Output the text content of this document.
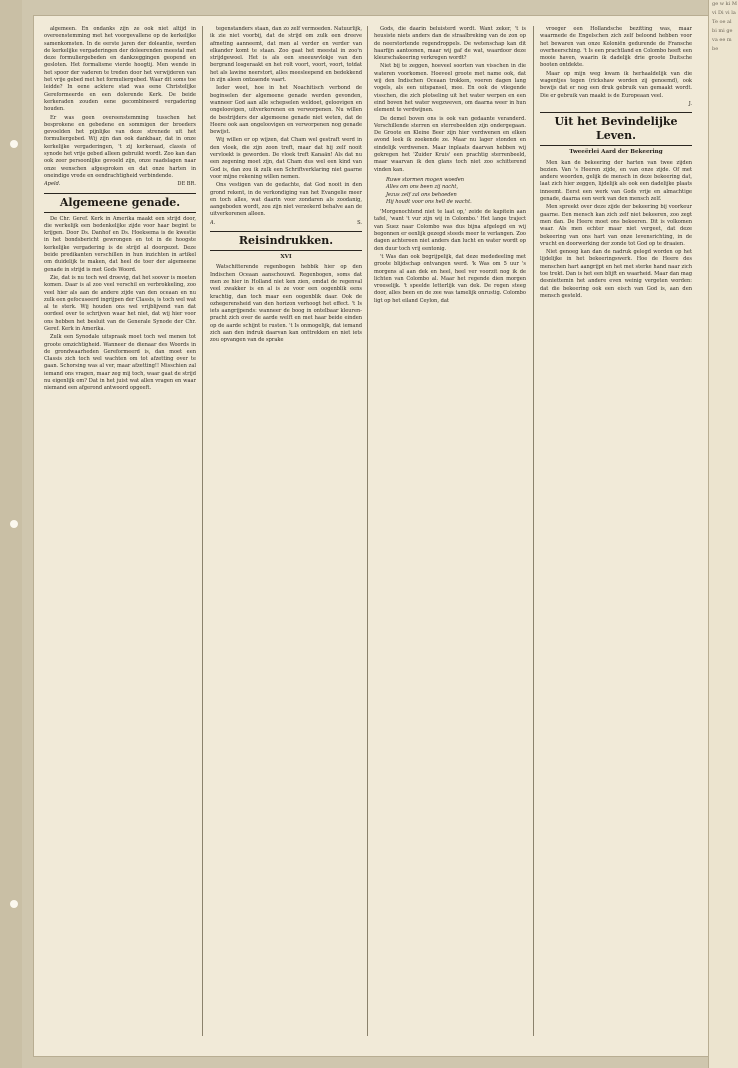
algemeen. En ondanks zijn ze ook niet altijd in overeenstemming met het voorgevallene op de kerkelijke samenkomsten. In de eerste jaren der doleantie, werden de kerkelijke vergaderingen der doleerenden meestal met deze formuliergebeden en dankzeggingen geopend en gesloten. Het formalisme vierde hoogtij. Men wende in het spoor der vaderen te treden door het verwijderen van het vrije gebed met het formuliergebed. Waar dit soms toe leidde? In eene acktere stad was eene Christelijke Gereformeerde en een dolerende Kerk. De beide kerkeraden zouden eene gecombineerd vergadering houden.

Er was geen overeenstemming tusschen het besprokene en gebedene en sommigen der broeders gevoelden het pijnlijke van deze strenede uit het formuliergebed. Wij zijn dan ook dankbaar, dat in onze kerkelijke vergaderingen, 't zij kerkeraad, classis of synode het vrije gebed alleen gebruikt wordt. Zoo kan dan ook zeer persoonlijke gevoeld zijn, onze raadslagen naar onze wenschen afgesproken en dat onze harten in oneindige vrede en eendrachtigheid verbindende.

Apeld.	DE BR.
Algemeene genade.

De Chr. Geref. Kerk in Amerika maakt een strijd door, die werkelijk een bedenkelijke zijde voor haar begint te krijgen. Door Ds. Danhof en Ds. Hoeksema is de kwestie in het bondsbericht gewrongen en tot in de hoogste kerkelijke vergadering is de strijd al doorgezet. Deze beide predikanten verschillen in hun inzichten in artikel om duidelijk te maken, dat heel de toer der algemeene genade in strijd is met Gods Woord.

Zie, dat is nu toch wel droevig, dat het soover is moeten komen. Daar is al zoo veel verschil en verbrokkeling, zoo veel hier als aan de andere zijde van den oceaan en nu zulk een gefocuseerd ingrijpen der Classis, is toch wel wat al te sterk. Wij houden ons wel vrijblijvend van dat oordeel over te schrijven waar het niet, dat wij hier voor ons hebben het besluit van de Generale Synode der Chr. Geref. Kerk in Amerika.

Zulk een Synodale uitspraak moet toch wel menen tot groote omzichtigheid. Wanneer de dienaar des Woords in de grondwaarheden Gereformeerd is, dan moet een Classis zich toch wel wachten om tot afzetting over te gaan. Schorsing was al ver, maar afzetting!! Misschien zal iemand ons vragen, maar zeg mij toch, waar gaat de strijd nu eigenlijk om? Dat in het juist wat allen vragen en waar niemand een afgerond antwoord opgeeft.

tegenstanders staan, dan zo zelf vermoeden. Natuurlijk, ik zie niet voorbij, dat de strijd om zulk een dreeve afmeting aanneemt, dat men al verder en verder van elkander komt te staan. Zoo gaat het meestal in zoo'n strijdgewoel. Het is als een sneeuwvlokje van den bergrand losgeraakt en het rolt voort, voort, voort, totdat het als lawine neerstort, alles meesleepend en bedekkend in zijn aleen ontzaende vaart.

Ieder weet, hoe in het Noachitisch verbond de beginselen der algemeene genade werden gevonden, wanneer God aan alle schepselen weldoet, geloovigen en ongeloovigen, uitverkorenen en verworpenen. Nu willen de bestrijders der algemeene genade niet weten, dat de Heere ook aan ongeloovigen en verworpenen nog genade bewijst.

Wij willen er op wijzen, dat Cham wel gestraft werd in den vloek, die zijn zoon treft, maar dat hij zelf nooit vervloekt is geworden. De vloek treft Kanaän! Als dat nu een zegening moet zijn, dat Cham dus wel een kind van God is, dan zou ik zulk een Schriftverklaring niet gaarne voor mijne rekening willen nemen.

Ons vestigen van de gedachte, dat God nooit in den grond rekent, in de verkondiging van het Evangelie meer en toch alles, wat daarin voor zondaren als zoodanig, aangeboden wordt, zou zijn niet verzekerd behalve aan de uitverkorenen alleen.

A.	S.
Reisindrukken.
XVI

Watschitterende regenbogen hebbik hier op den Indischen Oceaan aanschouwd. Regenbogen, soms dat men ze hier in Holland niet ken zien, omdat de regenval veel zwakker is en al is ze voor een oogenblik eens krachtig, dan toch maar een oogenblik daar. Ook de ozhegerensheid van den horizon verhoogt het effect. 't Is iets aangrijpends: wanneer de boog in ontelbaar kleuren-pracht zich over de aarde welft en met haar beide einden op de aarde schijnt te rusten. 't Is onmogelijk, dat iemand zich aan den indruk daarvan kan onttrekken en niet iets zou opvangen van de sprake

Gods, die daarin beluisterd wordt. Want zeker, 't is heusiste niets anders dan de straalbreking van de zon op de neerstortende regendroppels. De wetenschap kan dit haarfijn aantoonen, maar wij gaf de wat, waardoor deze kleurschakeering verkregen wordt?

Niet bij te zeggen, hoeveel soorten van visschen in die wateren voorkomen. Hoeveel groote met name ook, dat wij den Indischen Oceaan trokken, voeren dagen lang vogels, als een uitspansel, mee. En ook de vliegende visschen, die zich plotseling uit het water werpen en een eind boven het water wegzweven, om daarna weer in hun element te verdwijnen.

De demel boven ons is ook van gedaante veranderd. Verschillende sterren en sterrebeelden zijn ondergegaan. De Groote en Kleine Beer zijn hier verdwenen en elken avond leek ik zoekende ze. Maar nu lager stonden en eindelijk verdwenen. Maar inplaats daarvan hebben wij gekregen het 'Zuider Kruis' een prachtig sterrenbeeld, maar waarvan ik den glans toch niet zoo schitterend vinden kan.

Ruwe stormen mogen woeden
Alles om ons been zij nacht,
Jezus zelf zal ons behoeden
Hij houdt voor ons hell de wacht.

'Morgenochtend niet te laat op,' zeide de kapitein aan tafel, 'want 't vur zijn wij in Colombo.' Het lange traject van Suez naar Colombo was dus bijna afgelegd en wij begonnen er eenlijk gezegd steeds meer te verlangen. Zoo dagen achtereen niet anders dan lucht en water wordt op den duur toch vrij eentonig.

't Was dan ook begrijpelijk, dat deze mededeeling met groote blijdschap ontvangen werd. 'k Was om 5 uur 's morgens al aan dek en heel, heel ver voorzit nog ik de lichten van Colombo al. Maar het regende dien morgen vreeselijk. 't speelde letterlijk van dek. De regen steeg door, alles been en de zee was tamelijk onrustig. Colombo ligt op het eiland Ceylon, dat

vroeger een Hollandsche bezitting was, maar waarmede de Engelschen zich zelf beloond hebben voor het bewaren van onze Koloniën gedurende de Fransche overheersching. 't Is een prachtland en Colombo heeft een mooie haven, waarin ik dadelijk drie groote Duitsche booten ontdekte.

Maar op mijn weg kwam ik herhaaldelijk van die wagentjes tegen (rickshaw worden zij genoemd), ook bewijs dat er nog een druk gebruik van gemaakt wordt. Die er gebruik van maakt is de Europeaan veel.

J.
Uit het Bevindelijke Leven.
Tweeërlei Aard der Bekeering

Men kan de bekeering der harten van twee zijden bezien. Van 's Heeren zijde, en van onze zijde. Of met andere woorden, gelijk de mensch in deze bekeering dat, laat zich hier zeggen, lijdelijk als ook een dadelijke plaats inneemt. Eerst een werk van Gods vrije en almachtige genade, daarna een werk van den mensch zelf.

Men spreekt over deze zijde der bekeering bij voorkeur gaarne. Een mensch kan zich zelf niet bekeeren, zoo zegt men dan. De Heere moet ons bekeeren. Dit is volkomen waar. Als men echter maar niet vergeet, dat deze bekeering van ons hart van onze levensrichting, in de vrucht en doorwerking der zonde tot God op te draaien.

Niet genoeg kan dan de nadruk gelegd worden op het lijdelijke in het bekeeringswerk. Hoe de Heere des menschen hart aangrijpt en het met sterke hand naar zich toe trekt. Dan is het een blijft en waarheid. Maar dan mag desniettemin het andere even weinig vergeten worden: dat die bekeering ook een eisch van God is, aan den mensch gesteld.

ge w ki M vi Di vi la Te oe al bi mi ge va ee m be
